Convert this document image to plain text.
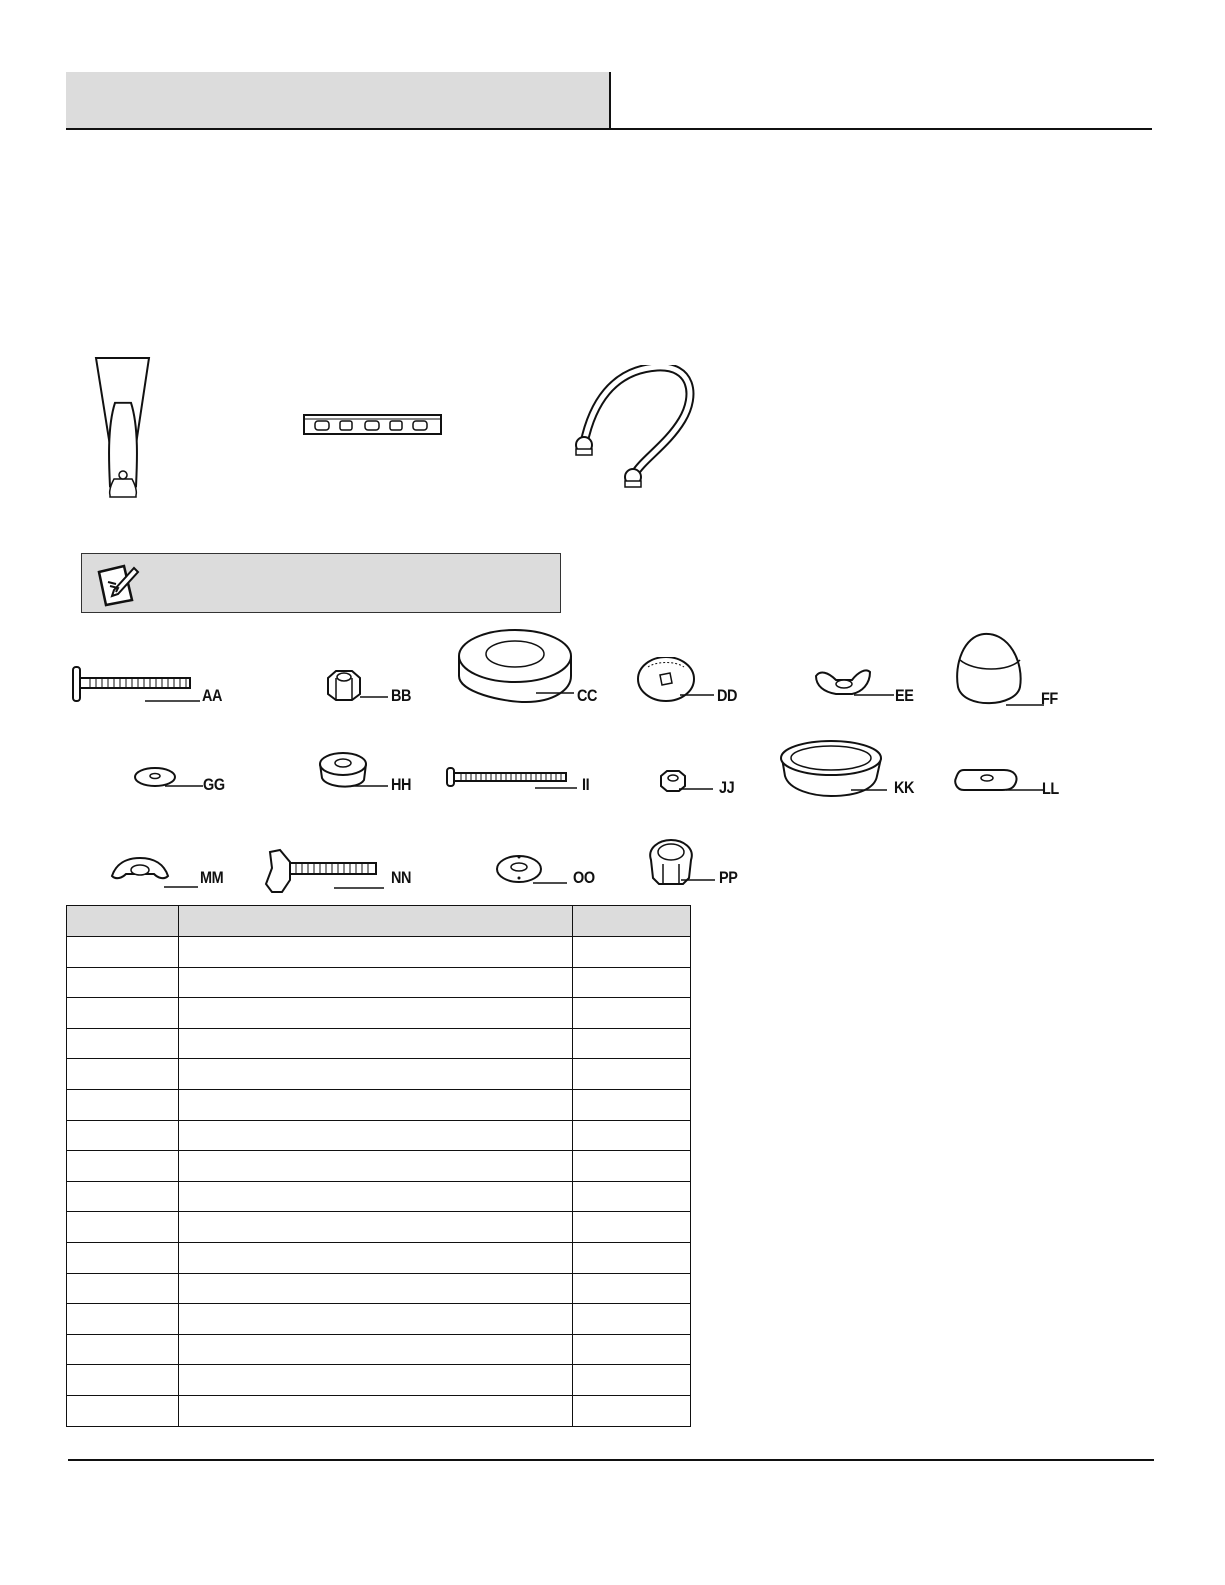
AA	BB	CC	DD	EE	FF
GG	HH	II	JJ	KK	LL
MM	NN	OO	PP
